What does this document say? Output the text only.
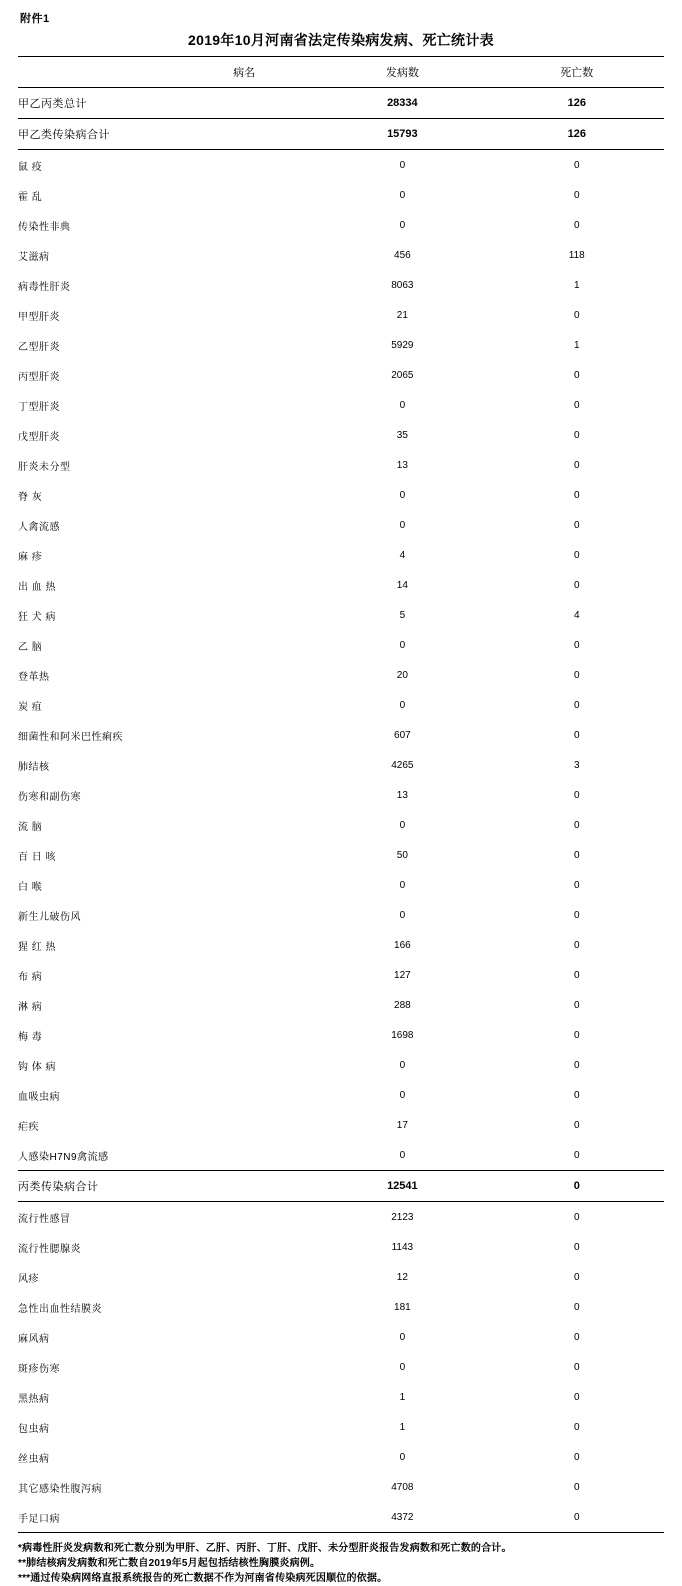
附件1
2019年10月河南省法定传染病发病、死亡统计表
病名	发病数	死亡数
甲乙丙类总计	28334	126
甲乙类传染病合计	15793	126
鼠 疫	0	0
霍 乱	0	0
传染性非典	0	0
艾滋病	456	118
病毒性肝炎	8063	1
甲型肝炎	21	0
乙型肝炎	5929	1
丙型肝炎	2065	0
丁型肝炎	0	0
戊型肝炎	35	0
肝炎未分型	13	0
脊 灰	0	0
人禽流感	0	0
麻 疹	4	0
出 血 热	14	0
狂 犬 病	5	4
乙 脑	0	0
登革热	20	0
炭 疽	0	0
细菌性和阿米巴性痢疾	607	0
肺结核	4265	3
伤寒和副伤寒	13	0
流 脑	0	0
百 日 咳	50	0
白 喉	0	0
新生儿破伤风	0	0
猩 红 热	166	0
布 病	127	0
淋 病	288	0
梅 毒	1698	0
钩 体 病	0	0
血吸虫病	0	0
疟疾	17	0
人感染H7N9禽流感	0	0
丙类传染病合计	12541	0
流行性感冒	2123	0
流行性腮腺炎	1143	0
风疹	12	0
急性出血性结膜炎	181	0
麻风病	0	0
斑疹伤寒	0	0
黑热病	1	0
包虫病	1	0
丝虫病	0	0
其它感染性腹泻病	4708	0
手足口病	4372	0
*病毒性肝炎发病数和死亡数分别为甲肝、乙肝、丙肝、丁肝、戊肝、未分型肝炎报告发病数和死亡数的合计。
**肺结核病发病数和死亡数自2019年5月起包括结核性胸膜炎病例。
***通过传染病网络直报系统报告的死亡数据不作为河南省传染病死因顺位的依据。
